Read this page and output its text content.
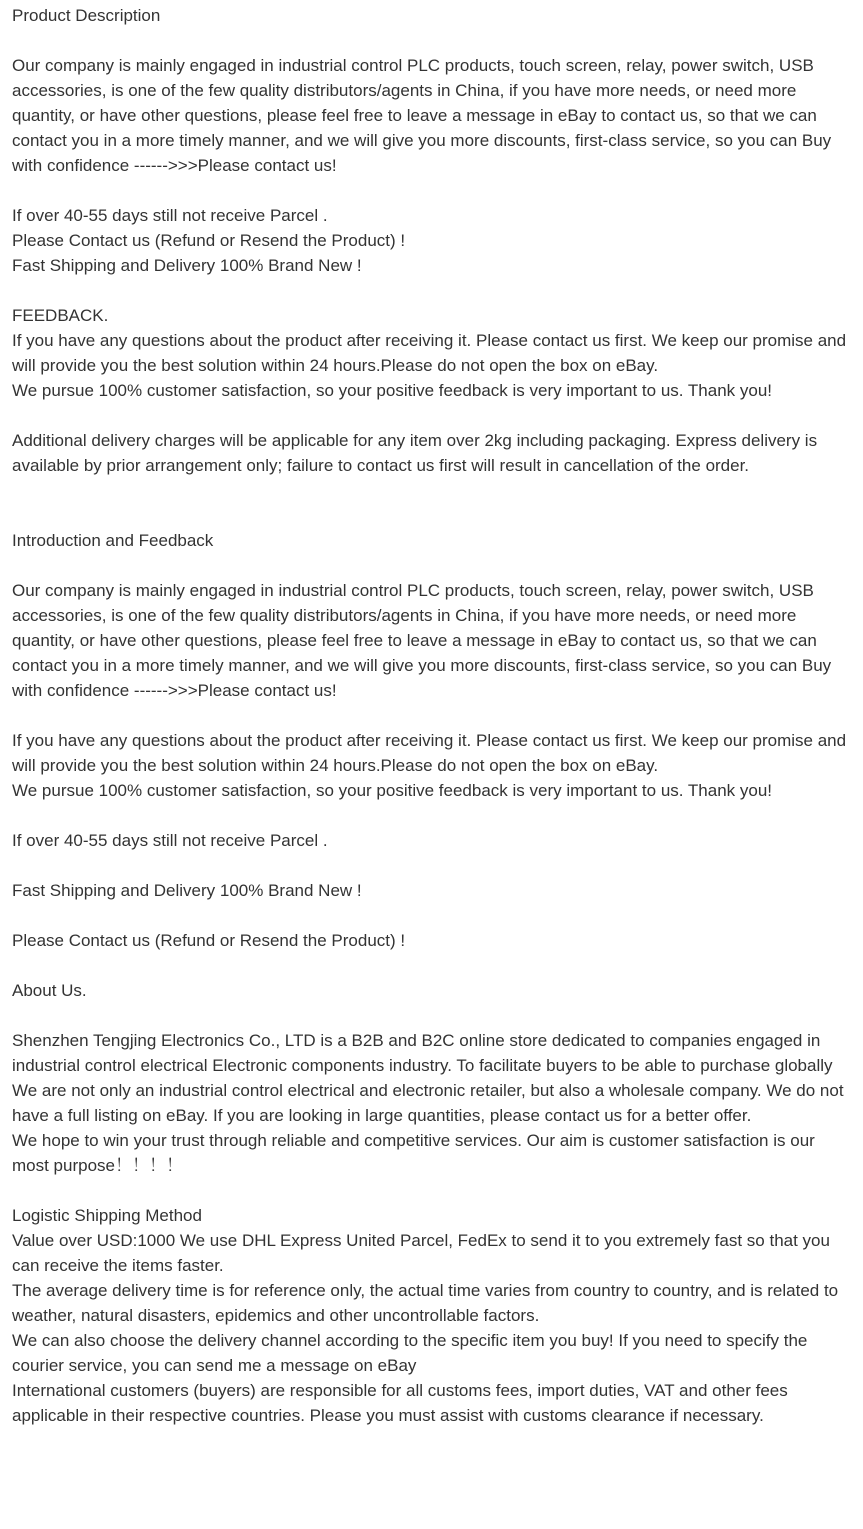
Product Description

Our company is mainly engaged in industrial control PLC products, touch screen, relay, power switch, USB accessories, is one of the few quality distributors/agents in China, if you have more needs, or need more quantity, or have other questions, please feel free to leave a message in eBay to contact us, so that we can contact you in a more timely manner, and we will give you more discounts, first-class service, so you can Buy with confidence ------>>>Please contact us!

If over 40-55 days still not receive Parcel .

Please Contact us (Refund or Resend the Product) !

Fast Shipping and Delivery 100% Brand New !

FEEDBACK.

If you have any questions about the product after receiving it. Please contact us first. We keep our promise and will provide you the best solution within 24 hours.Please do not open the box on eBay.

We pursue 100% customer satisfaction, so your positive feedback is very important to us. Thank you!

Additional delivery charges will be applicable for any item over 2kg including packaging. Express delivery is available by prior arrangement only; failure to contact us first will result in cancellation of the order.

Introduction and Feedback

Our company is mainly engaged in industrial control PLC products, touch screen, relay, power switch, USB accessories, is one of the few quality distributors/agents in China, if you have more needs, or need more quantity, or have other questions, please feel free to leave a message in eBay to contact us, so that we can contact you in a more timely manner, and we will give you more discounts, first-class service, so you can Buy with confidence ------>>>Please contact us!

If you have any questions about the product after receiving it. Please contact us first. We keep our promise and will provide you the best solution within 24 hours.Please do not open the box on eBay.

We pursue 100% customer satisfaction, so your positive feedback is very important to us. Thank you!

If over 40-55 days still not receive Parcel .

Fast Shipping and Delivery 100% Brand New !

Please Contact us (Refund or Resend the Product) !

About Us.

Shenzhen Tengjing Electronics Co., LTD is a B2B and B2C online store dedicated to companies engaged in industrial control electrical Electronic components industry. To facilitate buyers to be able to purchase globally

We are not only an industrial control electrical and electronic retailer, but also a wholesale company. We do not have a full listing on eBay. If you are looking in large quantities, please contact us for a better offer.

We hope to win your trust through reliable and competitive services. Our aim is customer satisfaction is our most purpose！！！！

Logistic Shipping Method

Value over USD:1000 We use DHL Express United Parcel, FedEx to send it to you extremely fast so that you can receive the items faster.

The average delivery time is for reference only, the actual time varies from country to country, and is related to weather, natural disasters, epidemics and other uncontrollable factors.

We can also choose the delivery channel according to the specific item you buy! If you need to specify the courier service, you can send me a message on eBay

International customers (buyers) are responsible for all customs fees, import duties, VAT and other fees applicable in their respective countries. Please you must assist with customs clearance if necessary.
